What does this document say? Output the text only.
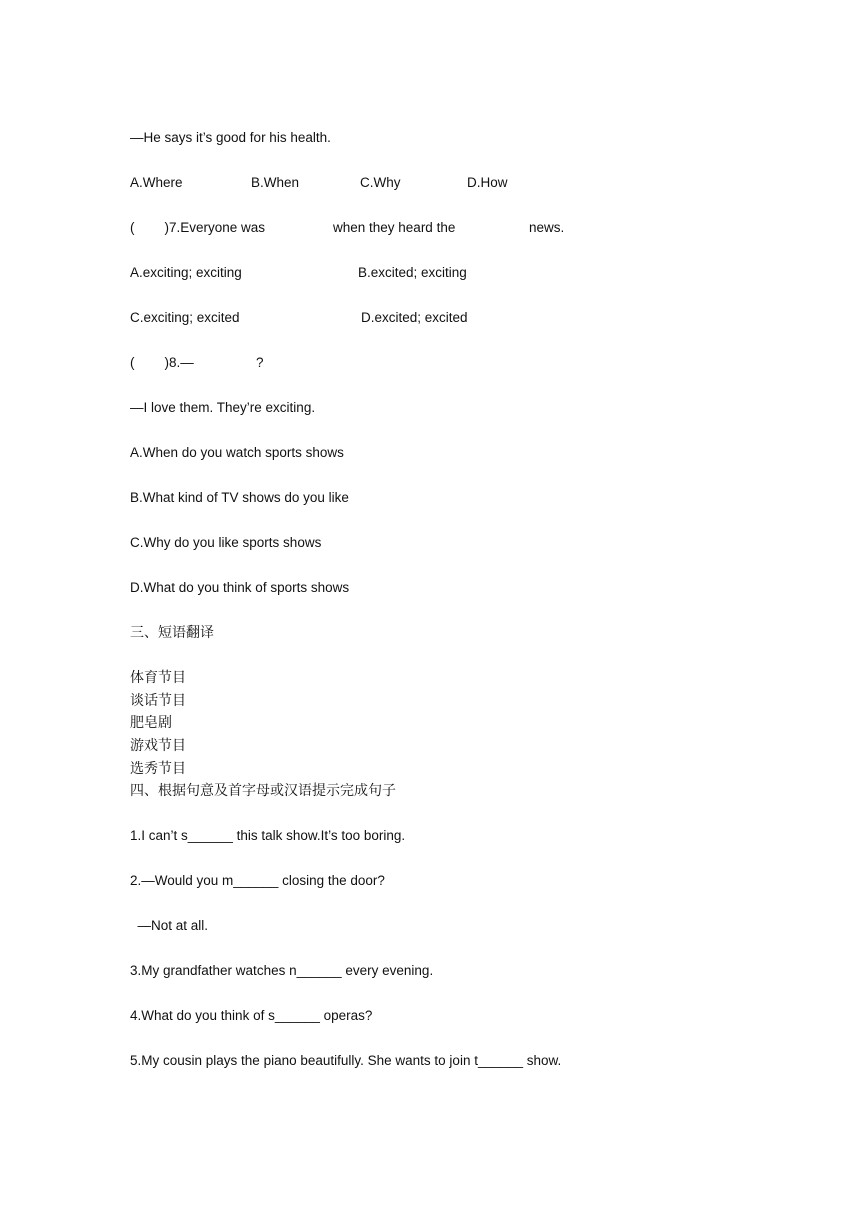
—He says it’s good for his health.

A.Where

	B.When

	C.Why

	D.How

(        )7.Everyone was

	when they heard the

	news.

A.exciting; exciting

	B.excited; exciting

C.exciting; excited

	D.excited; excited

(        )8.—

	?

—I love them. They’re exciting.
A.When do you watch sports shows
B.What kind of TV shows do you like
C.Why do you like sports shows
D.What do you think of sports shows
三、短语翻译
体育节目
谈话节目
肥皂剧
游戏节目
选秀节目
四、根据句意及首字母或汉语提示完成句子
1.I can’t s______ this talk show.It’s too boring.
2.—Would you m______ closing the door?
—Not at all.
3.My grandfather watches n______ every evening.
4.What do you think of s______ operas?
5.My cousin plays the piano beautifully. She wants to join t______ show.
